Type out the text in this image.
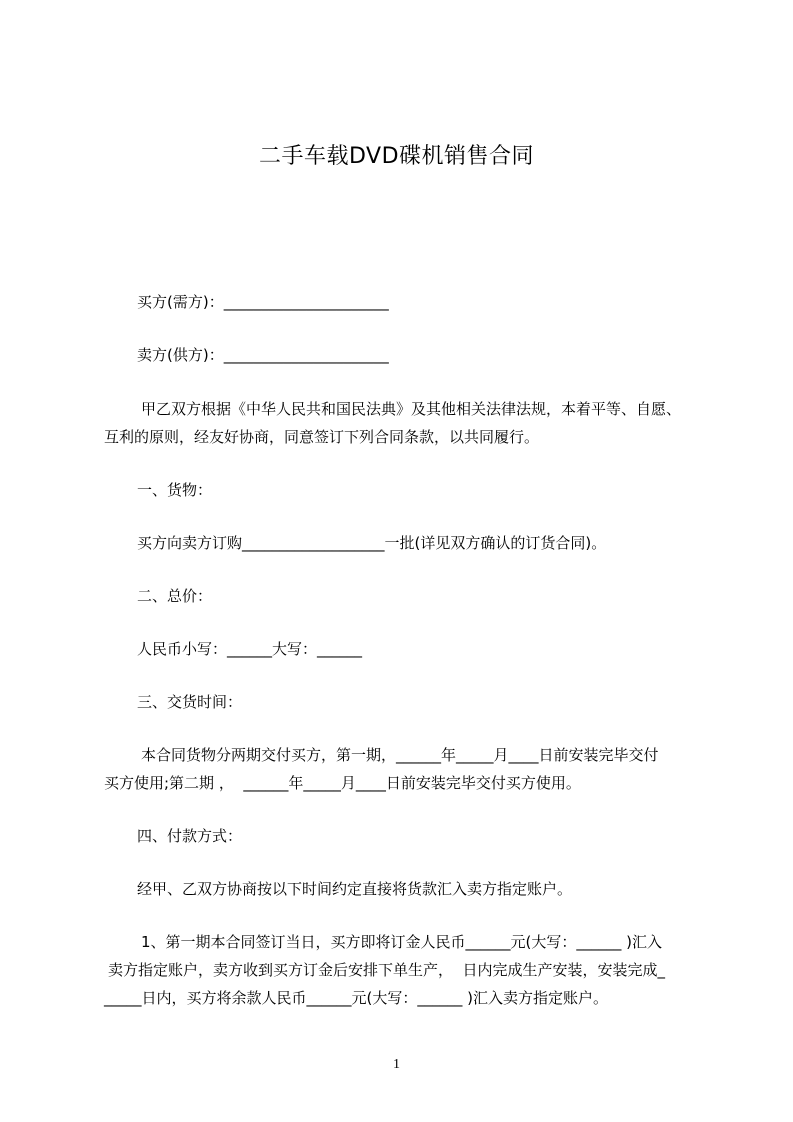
二手车载DVD碟机销售合同
买方(需方)：______________________
卖方(供方)：______________________
甲乙双方根据《中华人民共和国民法典》及其他相关法律法规，本着平等、自愿、
互利的原则，经友好协商，同意签订下列合同条款，以共同履行。
一、货物：
买方向卖方订购___________________一批(详见双方确认的订货合同)。
二、总价：
人民币小写：______大写：______
三、交货时间：
本合同货物分两期交付买方，第一期，______年_____月____日前安装完毕交付
买方使用;第二期 ，  ______年_____月____日前安装完毕交付买方使用。
四、付款方式：
经甲、乙双方协商按以下时间约定直接将货款汇入卖方指定账户。
1、第一期本合同签订当日，买方即将订金人民币______元(大写：______ )汇入
卖方指定账户，卖方收到买方订金后安排下单生产，  日内完成生产安装，安装完成_
_____日内，买方将余款人民币______元(大写：______ )汇入卖方指定账户。
1
